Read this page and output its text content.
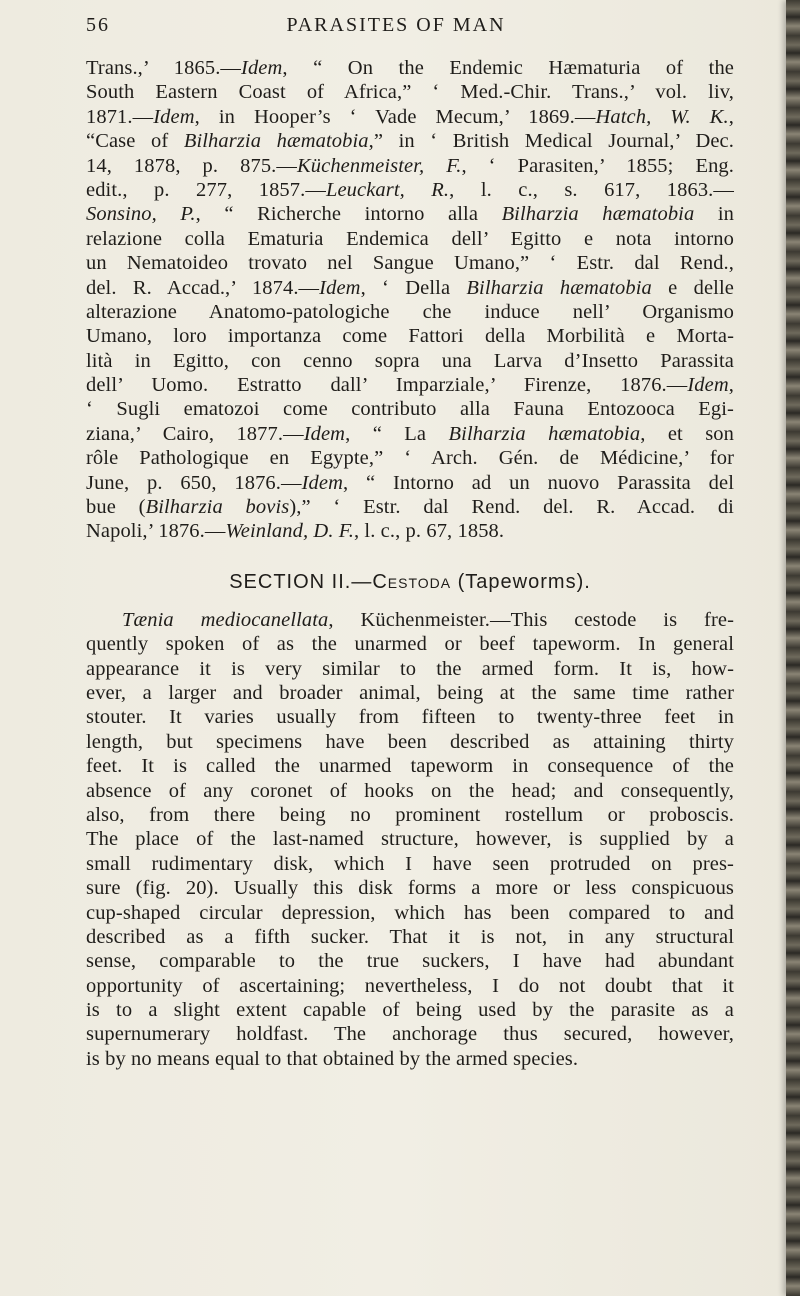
56	PARASITES OF MAN
Trans.,’ 1865.—Idem, “ On the Endemic Hæmaturia of the
South Eastern Coast of Africa,” ‘ Med.-Chir. Trans.,’ vol. liv,
1871.—Idem, in Hooper’s ‘ Vade Mecum,’ 1869.—Hatch, W. K.,
“Case of Bilharzia hæmatobia,” in ‘ British Medical Journal,’ Dec.
14, 1878, p. 875.—Küchenmeister, F., ‘ Parasiten,’ 1855; Eng.
edit., p. 277, 1857.—Leuckart, R., l. c., s. 617, 1863.—
Sonsino, P., “ Richerche intorno alla Bilharzia hæmatobia in
relazione colla Ematuria Endemica dell’ Egitto e nota intorno
un Nematoideo trovato nel Sangue Umano,” ‘ Estr. dal Rend.,
del. R. Accad.,’ 1874.—Idem, ‘ Della Bilharzia hæmatobia e delle
alterazione Anatomo-patologiche che induce nell’ Organismo
Umano, loro importanza come Fattori della Morbilità e Morta-
lità in Egitto, con cenno sopra una Larva d’Insetto Parassita
dell’ Uomo. Estratto dall’ Imparziale,’ Firenze, 1876.—Idem,
‘ Sugli ematozoi come contributo alla Fauna Entozooca Egi-
ziana,’ Cairo, 1877.—Idem, “ La Bilharzia hæmatobia, et son
rôle Pathologique en Egypte,” ‘ Arch. Gén. de Médicine,’ for
June, p. 650, 1876.—Idem, “ Intorno ad un nuovo Parassita del
bue (Bilharzia bovis),” ‘ Estr. dal Rend. del. R. Accad. di
Napoli,’ 1876.—Weinland, D. F., l. c., p. 67, 1858.
SECTION II.—Cestoda (Tapeworms).
Tænia mediocanellata, Küchenmeister.—This cestode is fre-
quently spoken of as the unarmed or beef tapeworm. In general
appearance it is very similar to the armed form. It is, how-
ever, a larger and broader animal, being at the same time rather
stouter. It varies usually from fifteen to twenty-three feet in
length, but specimens have been described as attaining thirty
feet. It is called the unarmed tapeworm in consequence of the
absence of any coronet of hooks on the head; and consequently,
also, from there being no prominent rostellum or proboscis.
The place of the last-named structure, however, is supplied by a
small rudimentary disk, which I have seen protruded on pres-
sure (fig. 20). Usually this disk forms a more or less conspicuous
cup-shaped circular depression, which has been compared to and
described as a fifth sucker. That it is not, in any structural
sense, comparable to the true suckers, I have had abundant
opportunity of ascertaining; nevertheless, I do not doubt that it
is to a slight extent capable of being used by the parasite as a
supernumerary holdfast. The anchorage thus secured, however,
is by no means equal to that obtained by the armed species.
